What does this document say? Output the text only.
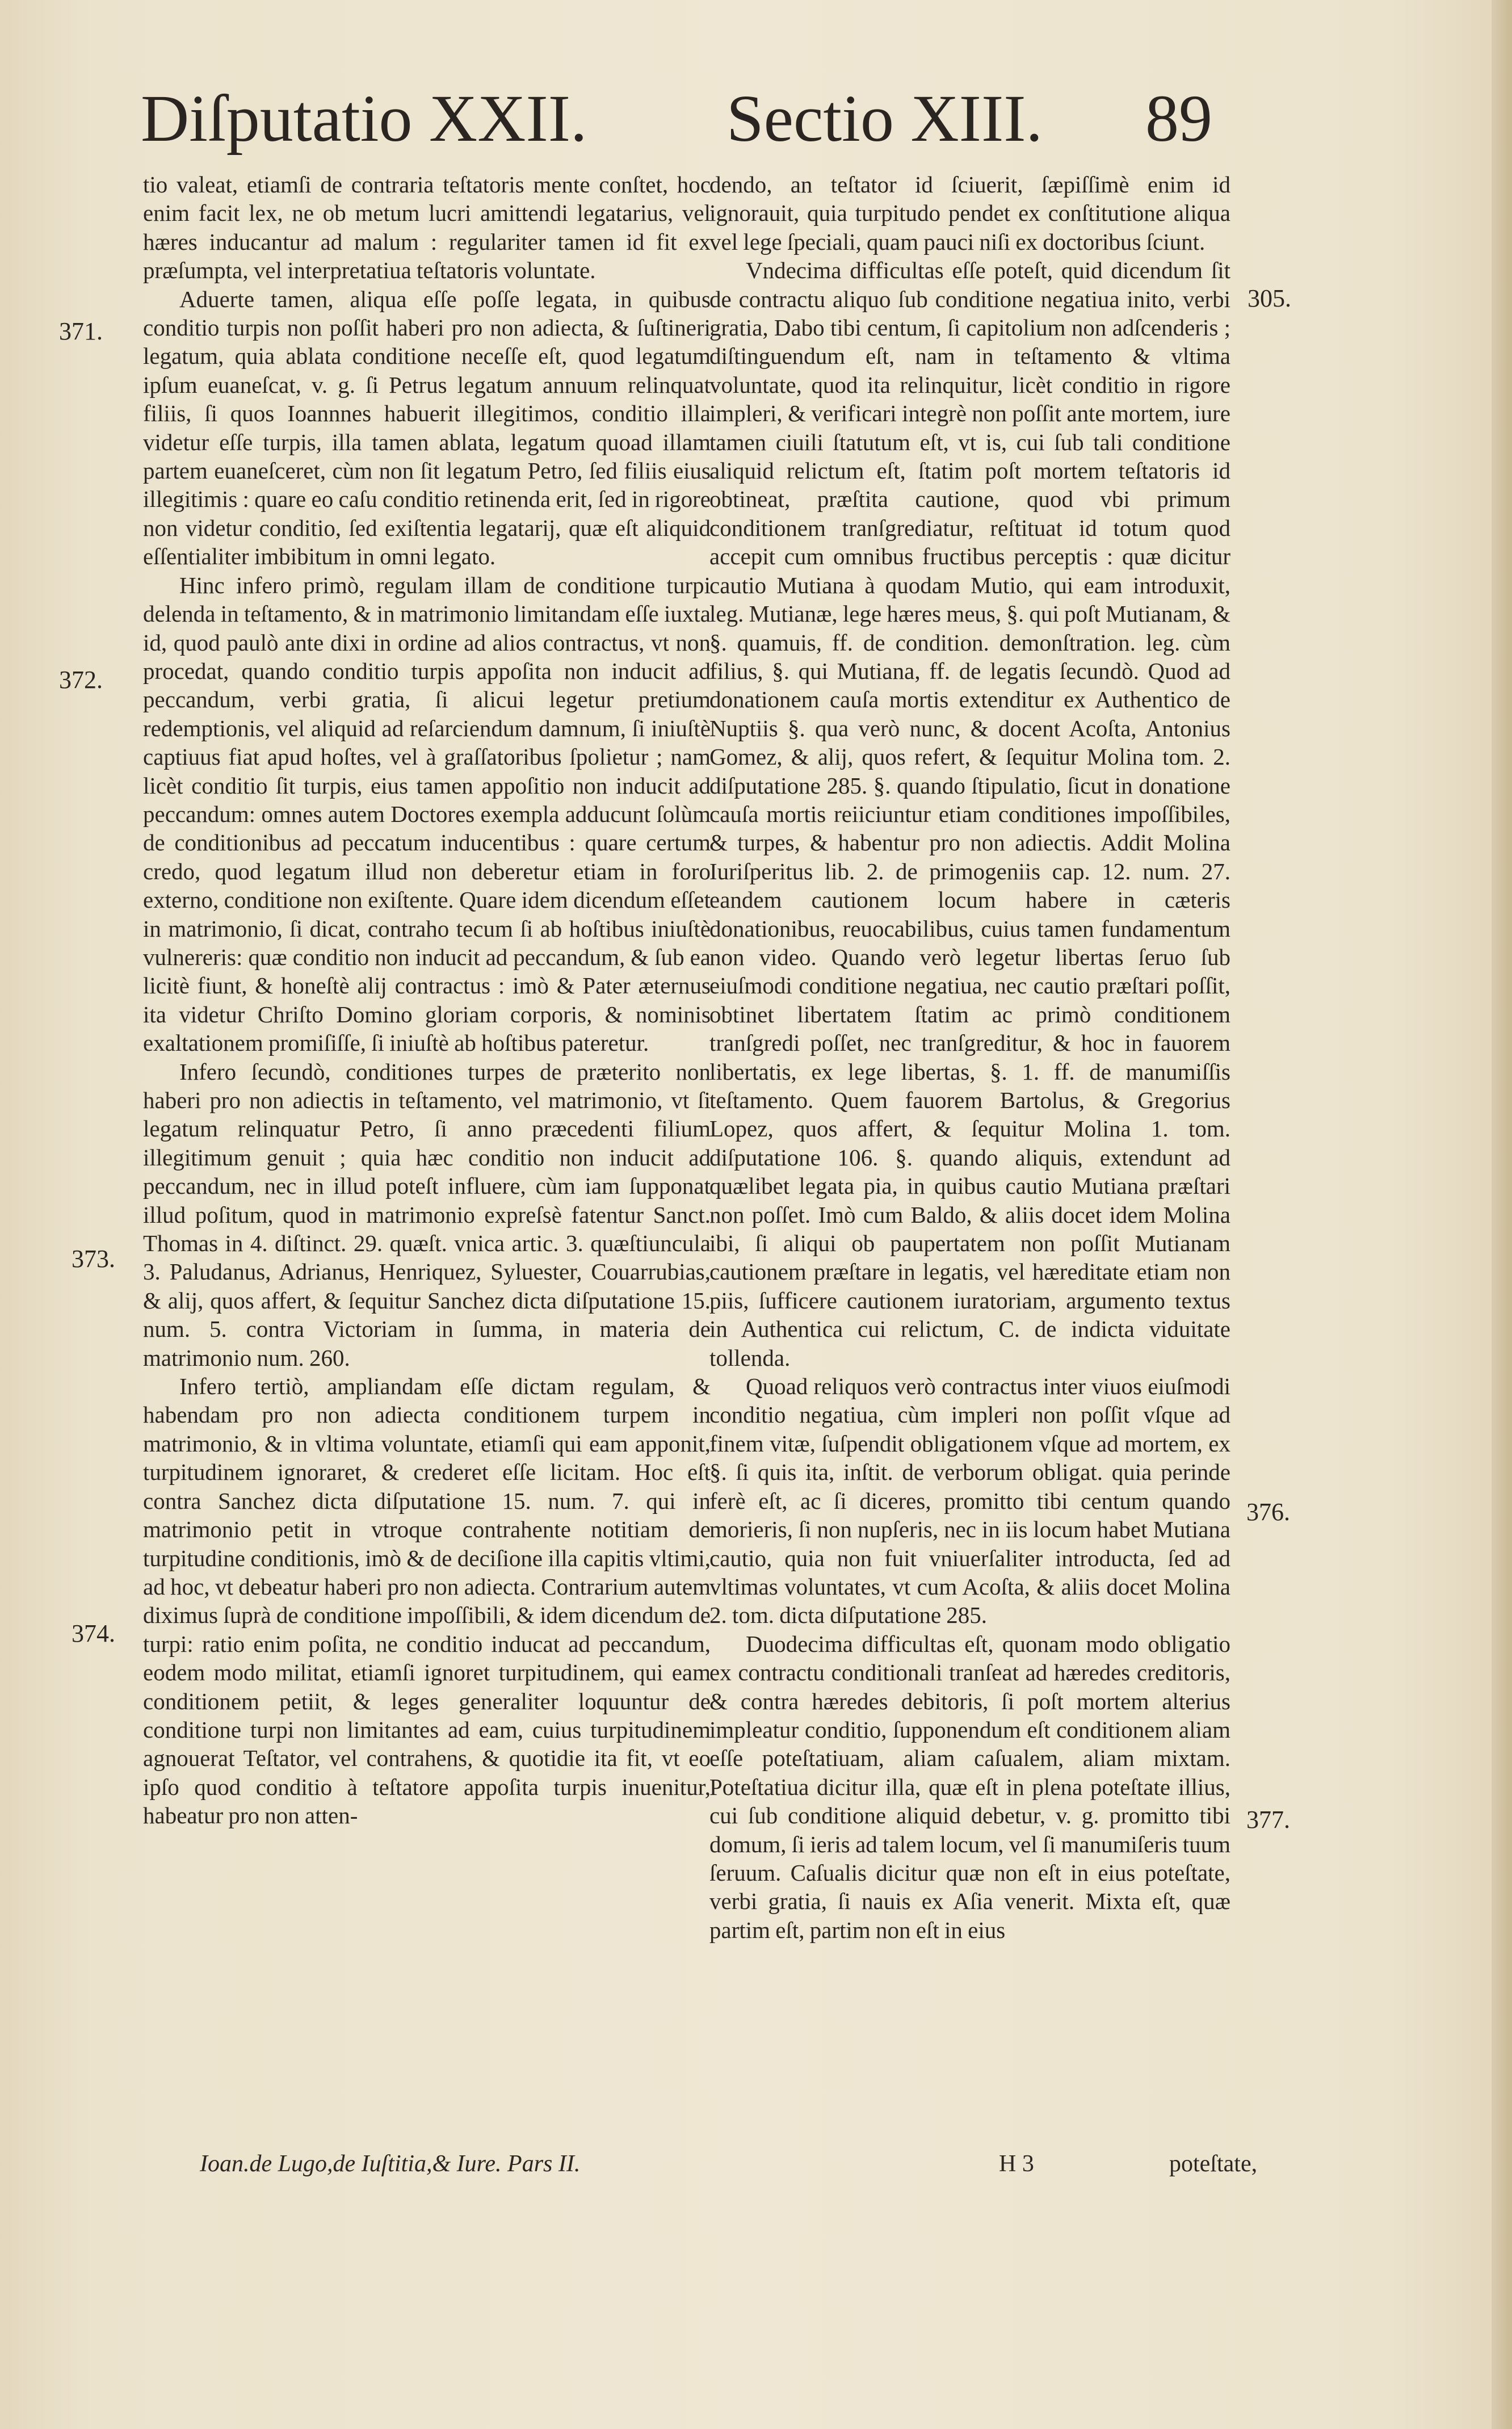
Diſputatio XXII. Sectio XIII. 89

tio valeat, etiamſi de contraria teſtatoris mente conſtet, hoc enim facit lex, ne ob metum lucri amittendi legatarius, vel hæres inducantur ad malum : regulariter tamen id fit ex præſumpta, vel interpretatiua teſtatoris voluntate.

Aduerte tamen, aliqua eſſe poſſe legata, in quibus conditio turpis non poſſit haberi pro non adiecta, & ſuſtineri legatum, quia ablata conditione neceſſe eſt, quod legatum ipſum euaneſcat, v. g. ſi Petrus legatum annuum relinquat filiis, ſi quos Ioannnes habuerit illegitimos, conditio illa videtur eſſe turpis, illa tamen ablata, legatum quoad illam partem euaneſceret, cùm non ſit legatum Petro, ſed filiis eius illegitimis : quare eo caſu conditio retinenda erit, ſed in rigore non videtur conditio, ſed exiſtentia legatarij, quæ eſt aliquid eſſentialiter imbibitum in omni legato.

Hinc infero primò, regulam illam de conditione turpi delenda in teſtamento, & in matrimonio limitandam eſſe iuxta id, quod paulò ante dixi in ordine ad alios contractus, vt non procedat, quando conditio turpis appoſita non inducit ad peccandum, verbi gratia, ſi alicui legetur pretium redemptionis, vel aliquid ad reſarciendum damnum, ſi iniuſtè captiuus fiat apud hoſtes, vel à graſſatoribus ſpolietur ; nam licèt conditio ſit turpis, eius tamen appoſitio non inducit ad peccandum: omnes autem Doctores exempla adducunt ſolùm de conditionibus ad peccatum inducentibus : quare certum credo, quod legatum illud non deberetur etiam in foro externo, conditione non exiſtente. Quare idem dicendum eſſet in matrimonio, ſi dicat, contraho tecum ſi ab hoſtibus iniuſtè vulnereris: quæ conditio non inducit ad peccandum, & ſub ea licitè fiunt, & honeſtè alij contractus : imò & Pater æternus ita videtur Chriſto Domino gloriam corporis, & nominis exaltationem promiſiſſe, ſi iniuſtè ab hoſtibus pateretur.

Infero ſecundò, conditiones turpes de præterito non haberi pro non adiectis in teſtamento, vel matrimonio, vt ſi legatum relinquatur Petro, ſi anno præcedenti filium illegitimum genuit ; quia hæc conditio non inducit ad peccandum, nec in illud poteſt influere, cùm iam ſupponat illud poſitum, quod in matrimonio expreſsè fatentur Sanct. Thomas in 4. diſtinct. 29. quæſt. vnica artic. 3. quæſtiuncula 3. Paludanus, Adrianus, Henriquez, Syluester, Couarrubias, & alij, quos affert, & ſequitur Sanchez dicta diſputatione 15. num. 5. contra Victoriam in ſumma, in materia de matrimonio num. 260.

Infero tertiò, ampliandam eſſe dictam regulam, & habendam pro non adiecta conditionem turpem in matrimonio, & in vltima voluntate, etiamſi qui eam apponit, turpitudinem ignoraret, & crederet eſſe licitam. Hoc eſt contra Sanchez dicta diſputatione 15. num. 7. qui in matrimonio petit in vtroque contrahente notitiam de turpitudine conditionis, imò & de deciſione illa capitis vltimi, ad hoc, vt debeatur haberi pro non adiecta. Contrarium autem diximus ſuprà de conditione impoſſibili, & idem dicendum de turpi: ratio enim poſita, ne conditio inducat ad peccandum, eodem modo militat, etiamſi ignoret turpitudinem, qui eam conditionem petiit, & leges generaliter loquuntur de conditione turpi non limitantes ad eam, cuius turpitudinem agnouerat Teſtator, vel contrahens, & quotidie ita fit, vt eo ipſo quod conditio à teſtatore appoſita turpis inuenitur, habeatur pro non atten-

dendo, an teſtator id ſciuerit, ſæpiſſimè enim id ignorauit, quia turpitudo pendet ex conſtitutione aliqua vel lege ſpeciali, quam pauci niſi ex doctoribus ſciunt.

Vndecima difficultas eſſe poteſt, quid dicendum ſit de contractu aliquo ſub conditione negatiua inito, verbi gratia, Dabo tibi centum, ſi capitolium non adſcenderis ; diſtinguendum eſt, nam in teſtamento & vltima voluntate, quod ita relinquitur, licèt conditio in rigore impleri, & verificari integrè non poſſit ante mortem, iure tamen ciuili ſtatutum eſt, vt is, cui ſub tali conditione aliquid relictum eſt, ſtatim poſt mortem teſtatoris id obtineat, præſtita cautione, quod vbi primum conditionem tranſgrediatur, reſtituat id totum quod accepit cum omnibus fructibus perceptis : quæ dicitur cautio Mutiana à quodam Mutio, qui eam introduxit, leg. Mutianæ, lege hæres meus, §. qui poſt Mutianam, & §. quamuis, ff. de condition. demonſtration. leg. cùm filius, §. qui Mutiana, ff. de legatis ſecundò. Quod ad donationem cauſa mortis extenditur ex Authentico de Nuptiis §. qua verò nunc, & docent Acoſta, Antonius Gomez, & alij, quos refert, & ſequitur Molina tom. 2. diſputatione 285. §. quando ſtipulatio, ſicut in donatione cauſa mortis reiiciuntur etiam conditiones impoſſibiles, & turpes, & habentur pro non adiectis. Addit Molina Iuriſperitus lib. 2. de primogeniis cap. 12. num. 27. eandem cautionem locum habere in cæteris donationibus, reuocabilibus, cuius tamen fundamentum non video. Quando verò legetur libertas ſeruo ſub eiuſmodi conditione negatiua, nec cautio præſtari poſſit, obtinet libertatem ſtatim ac primò conditionem tranſgredi poſſet, nec tranſgreditur, & hoc in fauorem libertatis, ex lege libertas, §. 1. ff. de manumiſſis teſtamento. Quem fauorem Bartolus, & Gregorius Lopez, quos affert, & ſequitur Molina 1. tom. diſputatione 106. §. quando aliquis, extendunt ad quælibet legata pia, in quibus cautio Mutiana præſtari non poſſet. Imò cum Baldo, & aliis docet idem Molina ibi, ſi aliqui ob paupertatem non poſſit Mutianam cautionem præſtare in legatis, vel hæreditate etiam non piis, ſufficere cautionem iuratoriam, argumento textus in Authentica cui relictum, C. de indicta viduitate tollenda.

Quoad reliquos verò contractus inter viuos eiuſmodi conditio negatiua, cùm impleri non poſſit vſque ad finem vitæ, ſuſpendit obligationem vſque ad mortem, ex §. ſi quis ita, inſtit. de verborum obligat. quia perinde ferè eſt, ac ſi diceres, promitto tibi centum quando morieris, ſi non nupſeris, nec in iis locum habet Mutiana cautio, quia non fuit vniuerſaliter introducta, ſed ad vltimas voluntates, vt cum Acoſta, & aliis docet Molina 2. tom. dicta diſputatione 285.

Duodecima difficultas eſt, quonam modo obligatio ex contractu conditionali tranſeat ad hæredes creditoris, & contra hæredes debitoris, ſi poſt mortem alterius impleatur conditio, ſupponendum eſt conditionem aliam eſſe poteſtatiuam, aliam caſualem, aliam mixtam. Poteſtatiua dicitur illa, quæ eſt in plena poteſtate illius, cui ſub conditione aliquid debetur, v. g. promitto tibi domum, ſi ieris ad talem locum, vel ſi manumiſeris tuum ſeruum. Caſualis dicitur quæ non eſt in eius poteſtate, verbi gratia, ſi nauis ex Aſia venerit. Mixta eſt, quæ partim eſt, partim non eſt in eius

371.
372.
373.
374.
305.
376.
377.
Ioan.de Lugo,de Iuſtitia,& Iure. Pars II.	H 3	poteſtate,
